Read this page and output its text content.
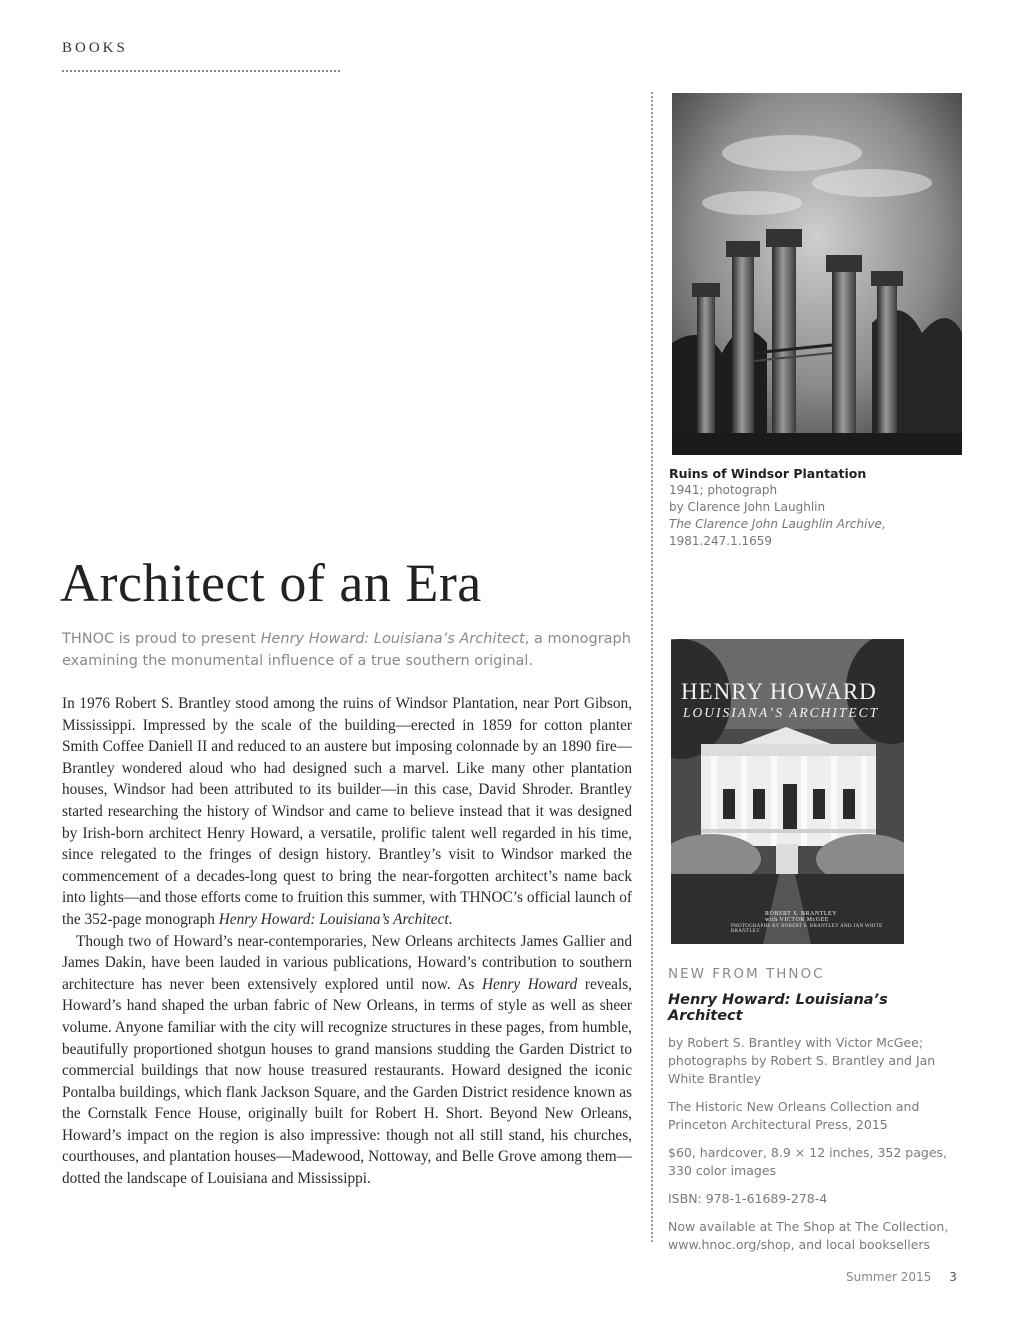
BOOKS
Ruins of Windsor Plantation
1941; photograph
by Clarence John Laughlin
The Clarence John Laughlin Archive,
1981.247.1.1659
Architect of an Era
THNOC is proud to present Henry Howard: Louisiana’s Architect, a monograph examining the monumental influence of a true southern original.

In 1976 Robert S. Brantley stood among the ruins of Windsor Plantation, near Port Gibson, Mississippi. Impressed by the scale of the building—erected in 1859 for cotton planter Smith Coffee Daniell II and reduced to an austere but imposing colonnade by an 1890 fire—Brantley wondered aloud who had designed such a marvel. Like many other plantation houses, Windsor had been attributed to its builder—in this case, David Shroder. Brantley started researching the history of Windsor and came to believe instead that it was designed by Irish-born architect Henry Howard, a versatile, prolific talent well regarded in his time, since relegated to the fringes of design history. Brantley’s visit to Windsor marked the commencement of a decades-long quest to bring the near-forgotten architect’s name back into lights—and those efforts come to fruition this summer, with THNOC’s official launch of the 352-page monograph Henry Howard: Louisiana’s Architect.

Though two of Howard’s near-contemporaries, New Orleans architects James Gallier and James Dakin, have been lauded in various publications, Howard’s contribution to southern architecture has never been extensively explored until now. As Henry Howard reveals, Howard’s hand shaped the urban fabric of New Orleans, in terms of style as well as sheer volume. Anyone familiar with the city will recognize structures in these pages, from humble, beautifully proportioned shotgun houses to grand mansions studding the Garden District to commercial buildings that now house treasured restaurants. Howard designed the iconic Pontalba buildings, which flank Jackson Square, and the Garden District residence known as the Cornstalk Fence House, originally built for Robert H. Short. Beyond New Orleans, Howard’s impact on the region is also impressive: though not all still stand, his churches, courthouses, and plantation houses—Madewood, Nottoway, and Belle Grove among them—dotted the landscape of Louisiana and Mississippi.

HENRY HOWARD
LOUISIANA’S ARCHITECT
ROBERT S. BRANTLEY
with VICTOR McGEE
PHOTOGRAPHS BY ROBERT S. BRANTLEY AND JAN WHITE BRANTLEY
NEW FROM THNOC
Henry Howard: Louisiana’s Architect
by Robert S. Brantley with Victor McGee; photographs by Robert S. Brantley and Jan White Brantley
The Historic New Orleans Collection and Princeton Architectural Press, 2015
$60, hardcover, 8.9 × 12 inches, 352 pages, 330 color images
ISBN: 978-1-61689-278-4
Now available at The Shop at The Collection, www.hnoc.org/shop, and local booksellers
Summer 2015 3
